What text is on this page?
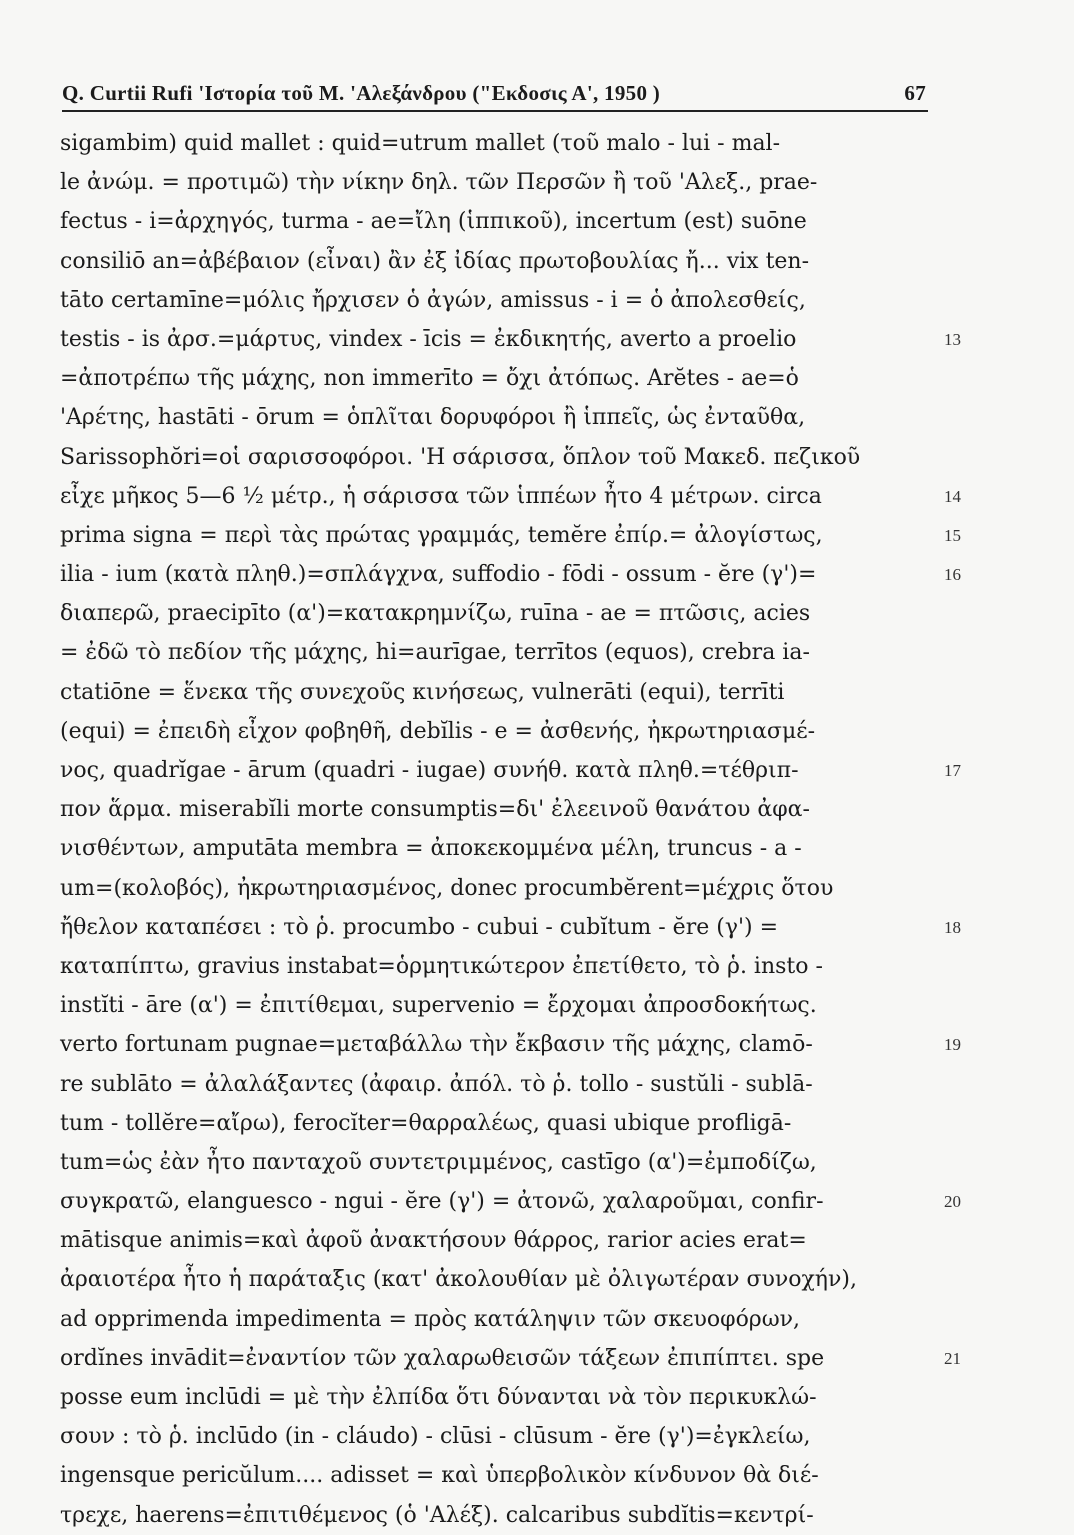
Q. Curtii Rufi 'Ιστορία τοῦ Μ. 'Αλεξάνδρου ("Εκδοσις Α', 1950 )	67
sigambim) quid mallet : quid=utrum mallet (τοῦ malo - lui - mal-
le ἀνώμ. = προτιμῶ) τὴν νίκην δηλ. τῶν Περσῶν ἢ τοῦ 'Αλεξ., prae-
fectus - i=ἀρχηγός, turma - ae=ἴλη (ἱππικοῦ), incertum (est) suōne
consiliō an=ἀβέβαιον (εἶναι) ἂν ἐξ ἰδίας πρωτοβουλίας ἤ... vix ten-
tāto certamīne=μόλις ἤρχισεν ὁ ἀγών, amissus - i = ὁ ἀπολεσθείς,
testis - is ἀρσ.=μάρτυς, vindex - īcis = ἐκδικητής, averto a proelio	13
=ἀποτρέπω τῆς μάχης, non immerīto = ὄχι ἀτόπως. Arĕtes - ae=ὁ
'Αρέτης, hastāti - ōrum = ὁπλῖται δορυφόροι ἢ ἱππεῖς, ὡς ἐνταῦθα,
Sarissophŏri=οἱ σαρισσοφόροι. 'Η σάρισσα, ὅπλον τοῦ Μακεδ. πεζικοῦ
εἶχε μῆκος 5—6 ½ μέτρ., ἡ σάρισσα τῶν ἱππέων ἦτο 4 μέτρων. circa	14
prima signa = περὶ τὰς πρώτας γραμμάς, temĕre ἐπίρ.= ἀλογίστως,	15
ilia - ium (κατὰ πληθ.)=σπλάγχνα, suffodio - fōdi - ossum - ĕre (γ')=	16
διαπερῶ, praecipīto (α')=κατακρημνίζω, ruīna - ae = πτῶσις, acies
= ἐδῶ τὸ πεδίον τῆς μάχης, hi=aurīgae, terrītos (equos), crebra ia-
ctatiōne = ἕνεκα τῆς συνεχοῦς κινήσεως, vulnerāti (equi), terrīti
(equi) = ἐπειδὴ εἶχον φοβηθῆ, debĭlis - e = ἀσθενής, ἠκρωτηριασμέ-
νος, quadrĭgae - ārum (quadri - iugae) συνήθ. κατὰ πληθ.=τέθριπ-	17
πον ἅρμα. miserabĭli morte consumptis=δι' ἐλεεινοῦ θανάτου ἀφα-
νισθέντων, amputāta membra = ἀποκεκομμένα μέλη, truncus - a -
um=(κολοβός), ἠκρωτηριασμένος, donec procumbĕrent=μέχρις ὅτου
ἤθελον καταπέσει : τὸ ῥ. procumbo - cubui - cubĭtum - ĕre (γ') =	18
καταπίπτω, gravius instabat=ὁρμητικώτερον ἐπετίθετο, τὸ ῥ. insto -
instĭti - āre (α') = ἐπιτίθεμαι, supervenio = ἔρχομαι ἀπροσδοκήτως.
verto fortunam pugnae=μεταβάλλω τὴν ἔκβασιν τῆς μάχης, clamō-	19
re sublāto = ἀλαλάξαντες (ἀφαιρ. ἀπόλ. τὸ ῥ. tollo - sustŭli - sublā-
tum - tollĕre=αἴρω), ferocĭter=θαρραλέως, quasi ubique profligā-
tum=ὡς ἐὰν ἦτο πανταχοῦ συντετριμμένος, castīgo (α')=ἐμποδίζω,
συγκρατῶ, elanguesco - ngui - ĕre (γ') = ἀτονῶ, χαλαροῦμαι, confir-	20
mātisque animis=καὶ ἀφοῦ ἀνακτήσουν θάρρος, rarior acies erat=
ἀραιοτέρα ἦτο ἡ παράταξις (κατ' ἀκολουθίαν μὲ ὀλιγωτέραν συνοχήν),
ad opprimenda impedimenta = πρὸς κατάληψιν τῶν σκευοφόρων,
ordĭnes invādit=ἐναντίον τῶν χαλαρωθεισῶν τάξεων ἐπιπίπτει. spe	21
posse eum inclūdi = μὲ τὴν ἐλπίδα ὅτι δύνανται νὰ τὸν περικυκλώ-
σουν : τὸ ῥ. inclūdo (in - cláudo) - clūsi - clūsum - ĕre (γ')=ἐγκλείω,
ingensque pericŭlum.... adisset = καὶ ὑπερβολικὸν κίνδυνον θὰ διέ-
τρεχε, haerens=ἐπιτιθέμενος (ὁ 'Αλέξ). calcaribus subdĭtis=κεντρί-
